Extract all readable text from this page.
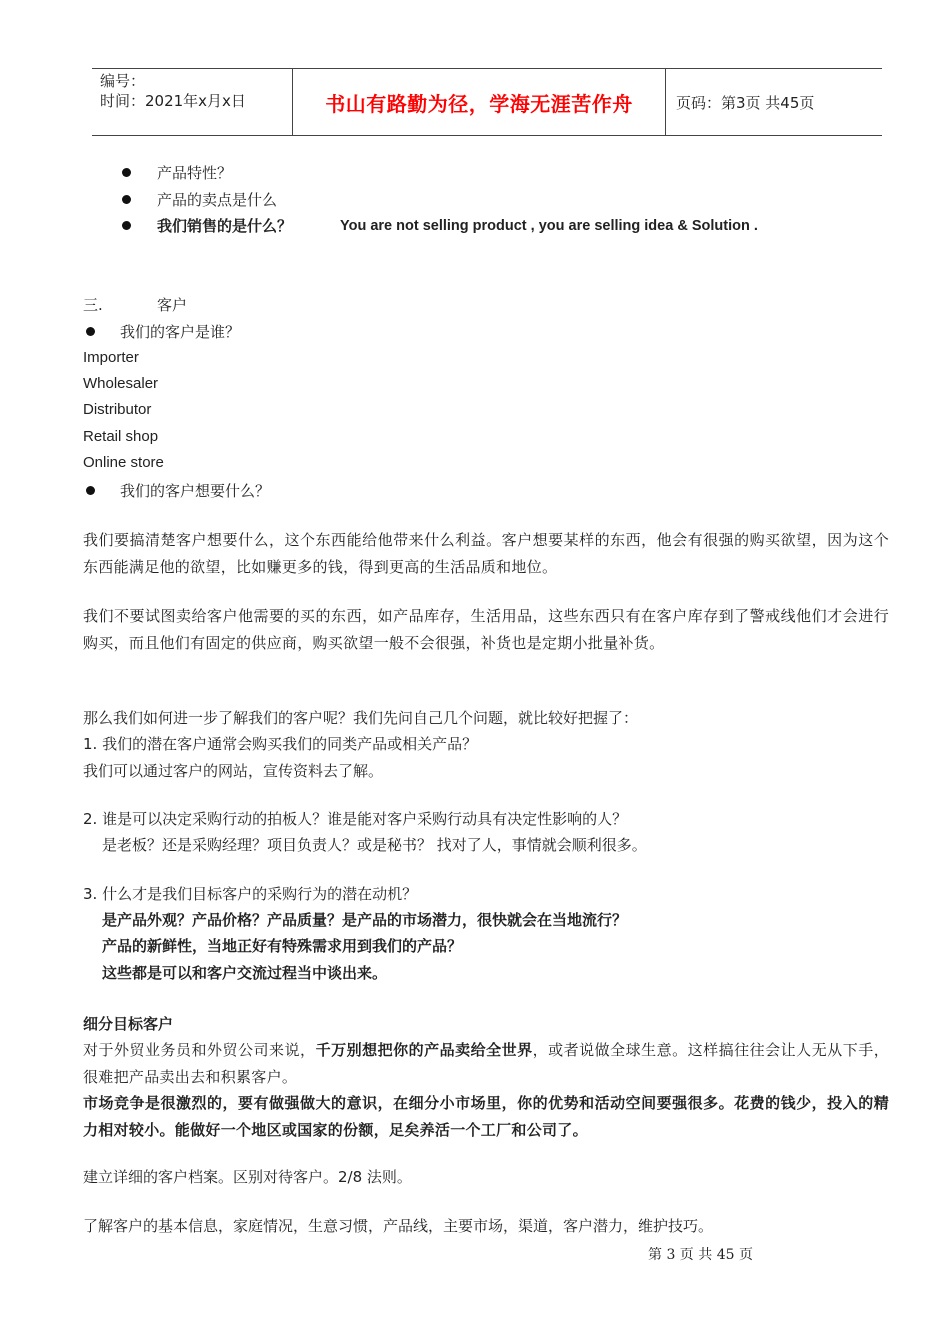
编号：
时间：2021年x月x日	书山有路勤为径，学海无涯苦作舟	页码：第3页 共45页
产品特性？
产品的卖点是什么
我们销售的是什么？	You are not selling product , you are selling idea & Solution .
三.	客户
我们的客户是谁？
Importer
Wholesaler
Distributor
Retail shop
Online store
我们的客户想要什么？
我们要搞清楚客户想要什么，这个东西能给他带来什么利益。客户想要某样的东西，他会有很强的购买欲望，因为这个东西能满足他的欲望，比如赚更多的钱，得到更高的生活品质和地位。
我们不要试图卖给客户他需要的买的东西，如产品库存，生活用品，这些东西只有在客户库存到了警戒线他们才会进行购买，而且他们有固定的供应商，购买欲望一般不会很强，补货也是定期小批量补货。
那么我们如何进一步了解我们的客户呢？我们先问自己几个问题，就比较好把握了：
1. 我们的潜在客户通常会购买我们的同类产品或相关产品？
我们可以通过客户的网站，宣传资料去了解。
2. 谁是可以决定采购行动的拍板人？谁是能对客户采购行动具有决定性影响的人？
是老板？还是采购经理？项目负责人？或是秘书？ 找对了人，事情就会顺利很多。
3. 什么才是我们目标客户的采购行为的潜在动机？
是产品外观？产品价格？产品质量？是产品的市场潜力，很快就会在当地流行？
产品的新鲜性，当地正好有特殊需求用到我们的产品？
这些都是可以和客户交流过程当中谈出来。
细分目标客户
对于外贸业务员和外贸公司来说，千万别想把你的产品卖给全世界，或者说做全球生意。这样搞往往会让人无从下手，很难把产品卖出去和积累客户。
市场竞争是很激烈的，要有做强做大的意识，在细分小市场里，你的优势和活动空间要强很多。花费的钱少，投入的精力相对较小。能做好一个地区或国家的份额，足矣养活一个工厂和公司了。
建立详细的客户档案。区别对待客户。2/8 法则。
了解客户的基本信息，家庭情况，生意习惯，产品线，主要市场，渠道，客户潜力，维护技巧。
第 3 页 共 45 页
